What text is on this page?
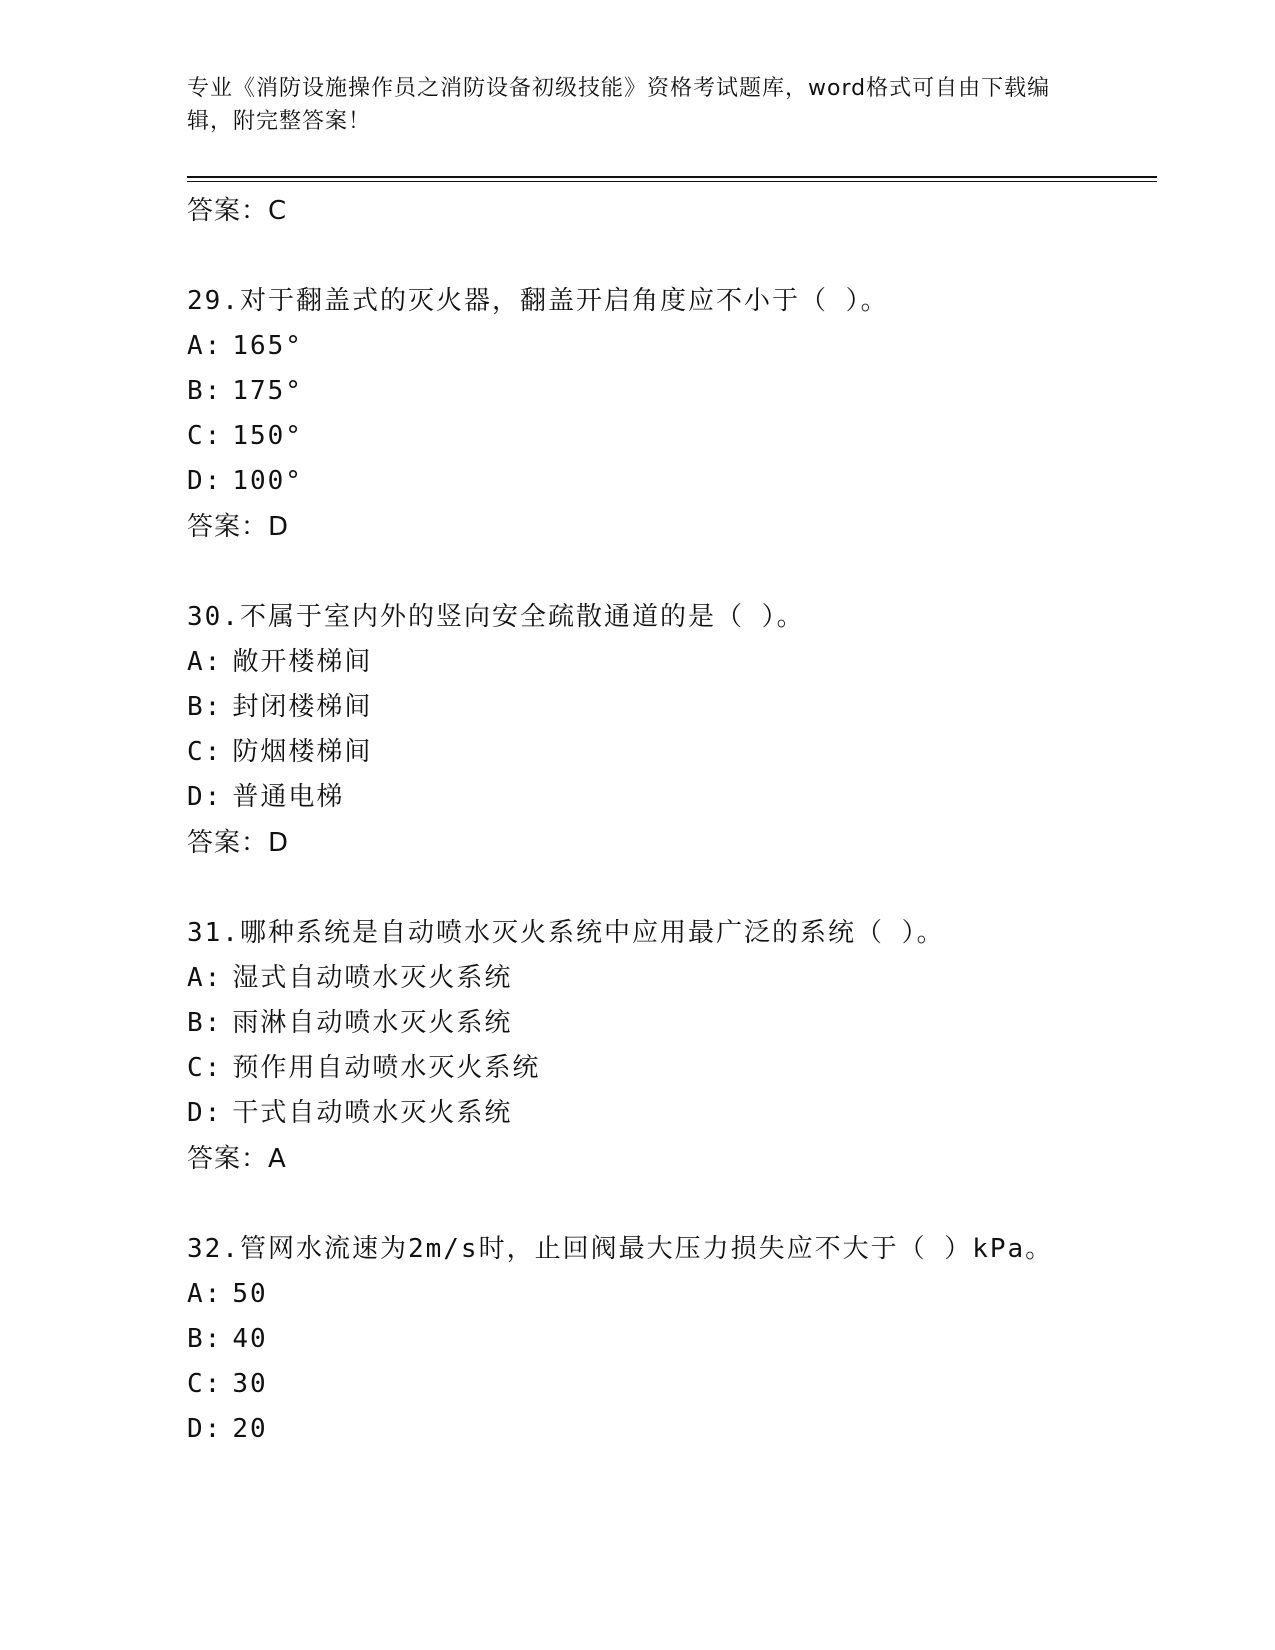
专业《消防设施操作员之消防设备初级技能》资格考试题库，word格式可自由下载编辑，附完整答案！
答案：C
29.对于翻盖式的灭火器，翻盖开启角度应不小于（ ）。
A: 165°
B: 175°
C: 150°
D: 100°
答案：D
30.不属于室内外的竖向安全疏散通道的是（ ）。
A: 敞开楼梯间
B: 封闭楼梯间
C: 防烟楼梯间
D: 普通电梯
答案：D
31.哪种系统是自动喷水灭火系统中应用最广泛的系统（ ）。
A: 湿式自动喷水灭火系统
B: 雨淋自动喷水灭火系统
C: 预作用自动喷水灭火系统
D: 干式自动喷水灭火系统
答案：A
32.管网水流速为2m/s时，止回阀最大压力损失应不大于（ ）kPa。
A: 50
B: 40
C: 30
D: 20
